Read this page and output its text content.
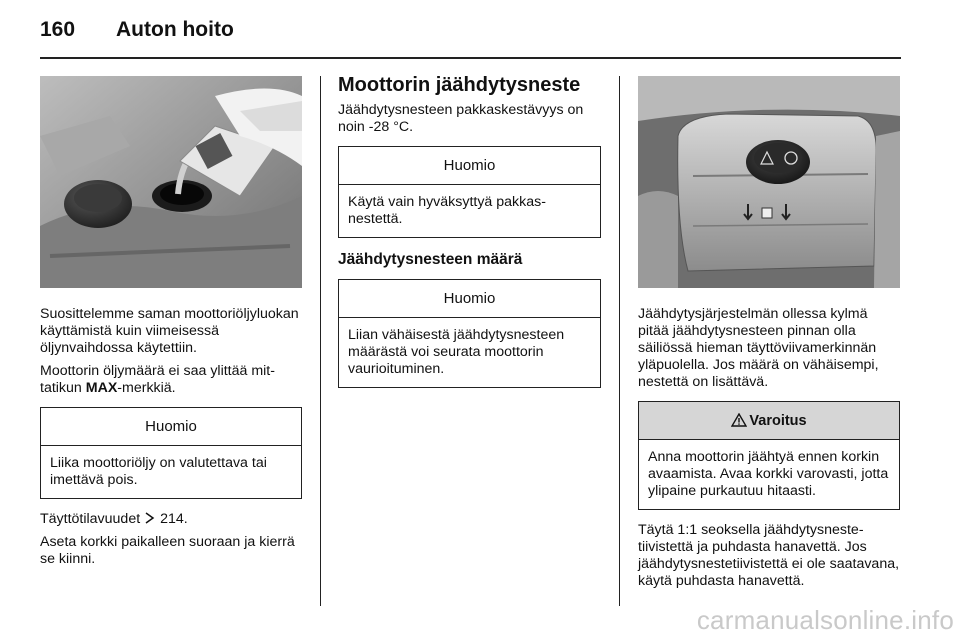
160	Auton hoito

Suosittelemme saman moottoriöljyluokan käyttämistä kuin viimeisessä öljynvaihdossa käytettiin.

Moottorin öljymäärä ei saa ylittää mittatikun MAX-merkkiä.

Huomio
Liika moottoriöljy on valutettava tai imettävä pois.

Täyttötilavuudet 214.

Aseta korkki paikalleen suoraan ja kierrä se kiinni.

Moottorin jäähdytysneste

Jäähdytysnesteen pakkaskestävyys on noin -28 °C.

Huomio
Käytä vain hyväksyttyä pakkasnestettä.
Jäähdytysnesteen määrä
Huomio
Liian vähäisestä jäähdytysnesteen määrästä voi seurata moottorin vaurioituminen.

Jäähdytysjärjestelmän ollessa kylmä pitää jäähdytysnesteen pinnan olla säiliössä hieman täyttöviivamerkinnän yläpuolella. Jos määrä on vähäisempi, nestettä on lisättävä.

Varoitus
Anna moottorin jäähtyä ennen korkin avaamista. Avaa korkki varovasti, jotta ylipaine purkautuu hitaasti.

Täytä 1:1 seoksella jäähdytysnestetiivistettä ja puhdasta hanavettä. Jos jäähdytysnestetiivistettä ei ole saatavana, käytä puhdasta hanavettä.

carmanualsonline.info
